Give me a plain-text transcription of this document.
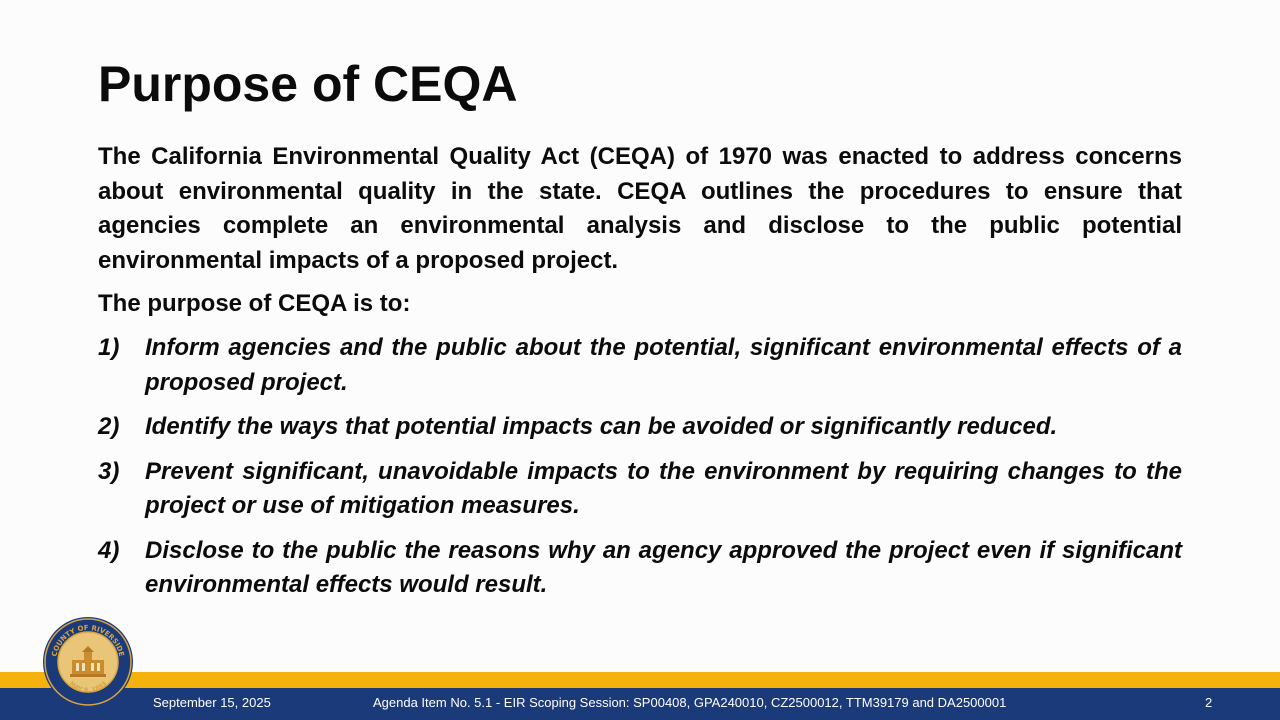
Purpose of CEQA

The California Environmental Quality Act (CEQA) of 1970 was enacted to address concerns about environmental quality in the state. CEQA outlines the procedures to ensure that agencies complete an environmental analysis and disclose to the public potential environmental impacts of a proposed project.

The purpose of CEQA is to:

1)	Inform agencies and the public about the potential, significant environmental effects of a proposed project.
2)	Identify the ways that potential impacts can be avoided or significantly reduced.
3)	Prevent significant, unavoidable impacts to the environment by requiring changes to the project or use of mitigation measures.
4)	Disclose to the public the reasons why an agency approved the project even if significant environmental effects would result.
September 15, 2025	Agenda Item No. 5.1 - EIR Scoping Session: SP00408, GPA240010, CZ2500012, TTM39179 and DA2500001	2
COUNTY OF RIVERSIDE
MAY 9, 1893
